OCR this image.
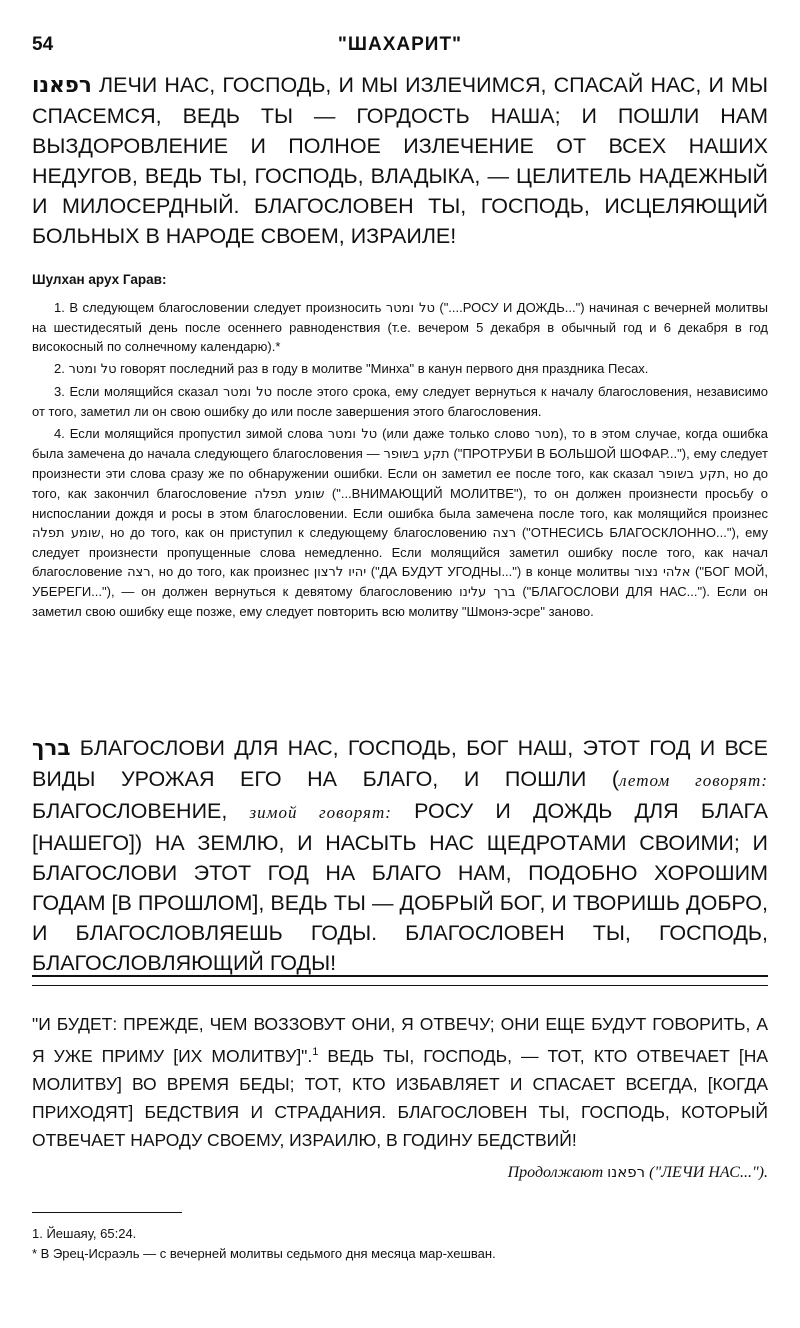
54	"ШАХАРИТ"

רפאנו ЛЕЧИ НАС, ГОСПОДЬ, И МЫ ИЗЛЕЧИМСЯ, СПАСАЙ НАС, И МЫ СПАСЕМСЯ, ВЕДЬ ТЫ — ГОРДОСТЬ НАША; И ПОШЛИ НАМ ВЫЗДОРОВЛЕНИЕ И ПОЛНОЕ ИЗЛЕЧЕНИЕ ОТ ВСЕХ НАШИХ НЕДУГОВ, ВЕДЬ ТЫ, ГОСПОДЬ, ВЛАДЫКА, — ЦЕЛИТЕЛЬ НАДЕЖНЫЙ И МИЛОСЕРДНЫЙ. БЛАГОСЛОВЕН ТЫ, ГОСПОДЬ, ИСЦЕЛЯЮЩИЙ БОЛЬНЫХ В НАРОДЕ СВОЕМ, ИЗРАИЛЕ!

Шулхан арух Гарав:

1. В следующем благословении следует произносить טל ומטר ("....РОСУ И ДОЖДЬ...") начиная с вечерней молитвы на шестидесятый день после осеннего равноденствия (т.е. вечером 5 декабря в обычный год и 6 декабря в год високосный по солнечному календарю).*

2. טל ומטר говорят последний раз в году в молитве "Минха" в канун первого дня праздника Песах.

3. Если молящийся сказал טל ומטר после этого срока, ему следует вернуться к началу благословения, независимо от того, заметил ли он свою ошибку до или после завершения этого благословения.

4. Если молящийся пропустил зимой слова טל ומטר (или даже только слово מטר), то в этом случае, когда ошибка была замечена до начала следующего благословения — תקע בשופר ("ПРОТРУБИ В БОЛЬШОЙ ШОФАР..."), ему следует произнести эти слова сразу же по обнаружении ошибки. Если он заметил ее после того, как сказал תקע בשופר, но до того, как закончил благословение שומע תפלה ("...ВНИМАЮЩИЙ МОЛИТВЕ"), то он должен произнести просьбу о ниспослании дождя и росы в этом благословении. Если ошибка была замечена после того, как молящийся произнес שומע תפלה, но до того, как он приступил к следующему благословению רצה ("ОТНЕСИСЬ БЛАГОСКЛОННО..."), ему следует произнести пропущенные слова немедленно. Если молящийся заметил ошибку после того, как начал благословение רצה, но до того, как произнес יהיו לרצון ("ДА БУДУТ УГОДНЫ...") в конце молитвы אלהי נצור ("БОГ МОЙ, УБЕРЕГИ..."), — он должен вернуться к девятому благословению ברך עלינו ("БЛАГОСЛОВИ ДЛЯ НАС..."). Если он заметил свою ошибку еще позже, ему следует повторить всю молитву "Шмонэ-эсре" заново.

ברך БЛАГОСЛОВИ ДЛЯ НАС, ГОСПОДЬ, БОГ НАШ, ЭТОТ ГОД И ВСЕ ВИДЫ УРОЖАЯ ЕГО НА БЛАГО, И ПОШЛИ (летом говорят: БЛАГОСЛОВЕНИЕ, зимой говорят: РОСУ И ДОЖДЬ ДЛЯ БЛАГА [НАШЕГО]) НА ЗЕМЛЮ, И НАСЫТЬ НАС ЩЕДРОТАМИ СВОИМИ; И БЛАГОСЛОВИ ЭТОТ ГОД НА БЛАГО НАМ, ПОДОБНО ХОРОШИМ ГОДАМ [В ПРОШЛОМ], ВЕДЬ ТЫ — ДОБРЫЙ БОГ, И ТВОРИШЬ ДОБРО, И БЛАГОСЛОВЛЯЕШЬ ГОДЫ. БЛАГОСЛОВЕН ТЫ, ГОСПОДЬ, БЛАГОСЛОВЛЯЮЩИЙ ГОДЫ!

"И БУДЕТ: ПРЕЖДЕ, ЧЕМ ВОЗЗОВУТ ОНИ, Я ОТВЕЧУ; ОНИ ЕЩЕ БУДУТ ГОВОРИТЬ, А Я УЖЕ ПРИМУ [ИХ МОЛИТВУ]".$^1$ ВЕДЬ ТЫ, ГОСПОДЬ, — ТОТ, КТО ОТВЕЧАЕТ [НА МОЛИТВУ] ВО ВРЕМЯ БЕДЫ; ТОТ, КТО ИЗБАВЛЯЕТ И СПАСАЕТ ВСЕГДА, [КОГДА ПРИХОДЯТ] БЕДСТВИЯ И СТРАДАНИЯ. БЛАГОСЛОВЕН ТЫ, ГОСПОДЬ, КОТОРЫЙ ОТВЕЧАЕТ НАРОДУ СВОЕМУ, ИЗРАИЛЮ, В ГОДИНУ БЕДСТВИЙ!

Продолжают רפאנו ("ЛЕЧИ НАС...").
1. Йешаяу, 65:24.
* В Эрец-Исраэль — с вечерней молитвы седьмого дня месяца мар-хешван.
